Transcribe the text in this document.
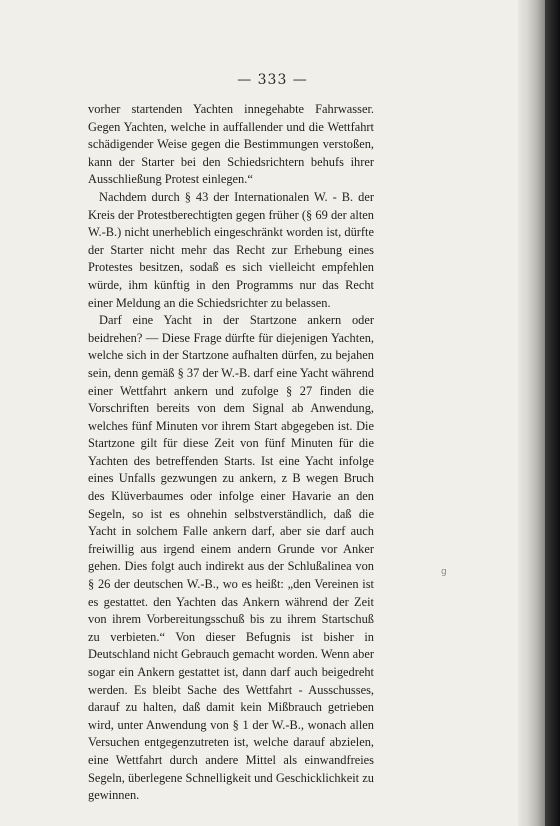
— 333 —

vorher startenden Yachten innegehabte Fahrwasser. Gegen Yachten, welche in auffallender und die Wettfahrt schädigender Weise gegen die Bestimmungen verstoßen, kann der Starter bei den Schiedsrichtern behufs ihrer Ausschließung Protest einlegen.“

Nachdem durch § 43 der Internationalen W. - B. der Kreis der Protestberechtigten gegen früher (§ 69 der alten W.-B.) nicht unerheblich eingeschränkt worden ist, dürfte der Starter nicht mehr das Recht zur Erhebung eines Protestes besitzen, sodaß es sich vielleicht empfehlen würde, ihm künftig in den Programms nur das Recht einer Meldung an die Schiedsrichter zu belassen.

Darf eine Yacht in der Startzone ankern oder beidrehen? — Diese Frage dürfte für diejenigen Yachten, welche sich in der Startzone aufhalten dürfen, zu bejahen sein, denn gemäß § 37 der W.-B. darf eine Yacht während einer Wettfahrt ankern und zufolge § 27 finden die Vorschriften bereits von dem Signal ab Anwendung, welches fünf Minuten vor ihrem Start abgegeben ist. Die Startzone gilt für diese Zeit von fünf Minuten für die Yachten des betreffenden Starts. Ist eine Yacht infolge eines Unfalls gezwungen zu ankern, z B wegen Bruch des Klüverbaumes oder infolge einer Havarie an den Segeln, so ist es ohnehin selbstverständlich, daß die Yacht in solchem Falle ankern darf, aber sie darf auch freiwillig aus irgend einem andern Grunde vor Anker gehen. Dies folgt auch indirekt aus der Schlußalinea von § 26 der deutschen W.-B., wo es heißt: „den Vereinen ist es gestattet. den Yachten das Ankern während der Zeit von ihrem Vorbereitungsschuß bis zu ihrem Startschuß zu verbieten.“ Von dieser Befugnis ist bisher in Deutschland nicht Gebrauch gemacht worden. Wenn aber sogar ein Ankern gestattet ist, dann darf auch beigedreht werden. Es bleibt Sache des Wettfahrt - Ausschusses, darauf zu halten, daß damit kein Mißbrauch getrieben wird, unter Anwendung von § 1 der W.-B., wonach allen Versuchen entgegenzutreten ist, welche darauf abzielen, eine Wettfahrt durch andere Mittel als einwandfreies Segeln, überlegene Schnelligkeit und Geschicklichkeit zu gewinnen.

g
